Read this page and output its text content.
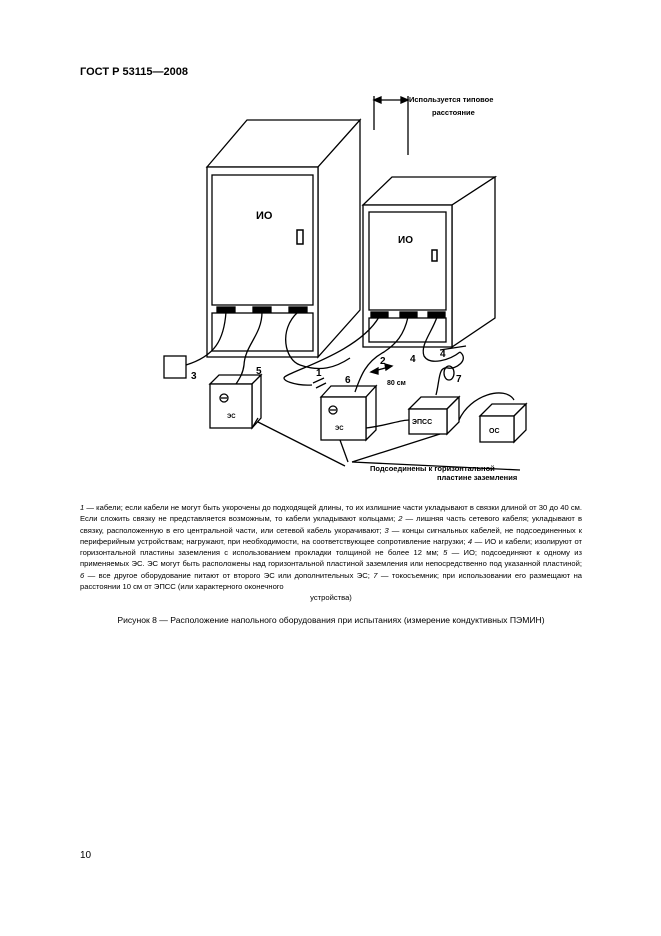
ГОСТ Р 53115—2008
Используется типовое
расстояние
ИО
ИО
ЭС
ЭС
ЭПСС
ОС
80 см
1
2
3
4 4
5
6	7
Подсоединены к горизонтальной
пластине заземления
1 — кабели; если кабели не могут быть укорочены до подходящей длины, то их излишние части укладывают в связки длиной от 30 до 40 см. Если сложить связку не представляется возможным, то кабели укладывают кольцами; 2 — лишняя часть сетевого кабеля; укладывают в связку, расположенную в его центральной части, или сетевой кабель укорачивают; 3 — концы сигнальных кабелей, не подсоединенных к периферийным устройствам; нагружают, при необходимости, на соответствующее сопротивление нагрузки; 4 — ИО и кабели; изолируют от горизонтальной пластины заземления с использованием прокладки толщиной не более 12 мм; 5 — ИО; подсоединяют к одному из применяемых ЭС. ЭС могут быть расположены над горизонтальной пластиной заземления или непосредственно под указанной пластиной; 6 — все другое оборудование питают от второго ЭС или дополнительных ЭС; 7 — токосъемник; при использовании его размещают на расстоянии 10 см от ЭПСС (или характерного оконечного
устройства)
Рисунок 8 — Расположение напольного оборудования при испытаниях (измерение кондуктивных ПЭМИН)
10
